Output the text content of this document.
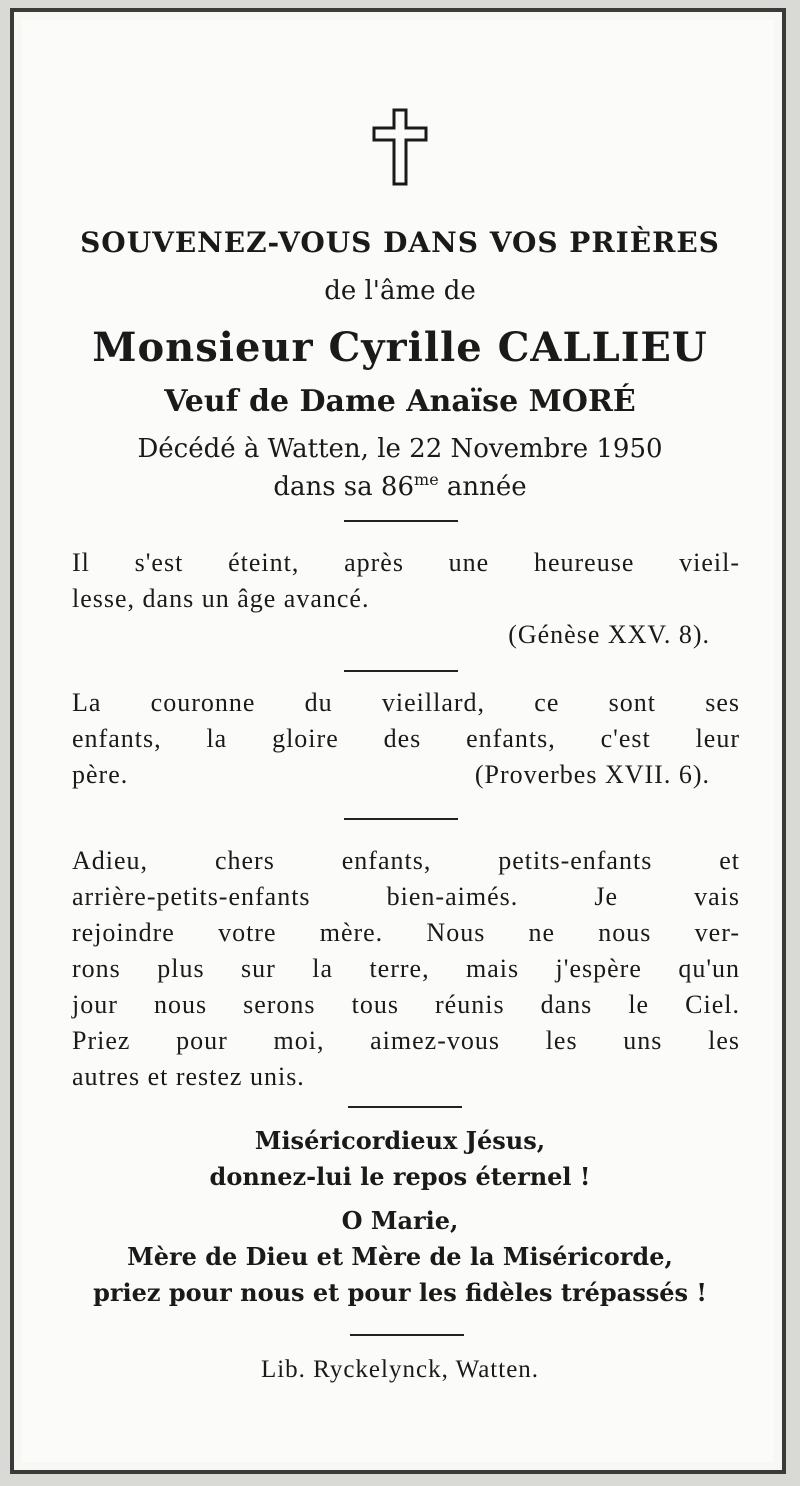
SOUVENEZ-VOUS DANS VOS PRIÈRES
de l'âme de
Monsieur Cyrille CALLIEU
Veuf de Dame Anaïse MORÉ
Décédé à Watten, le 22 Novembre 1950
dans sa $86^{me}$ année
Il s'est éteint, après une heureuse vieil-
lesse, dans un âge avancé.
(Génèse XXV. 8).
La couronne du vieillard, ce sont ses
enfants, la gloire des enfants, c'est leur
père.	(Proverbes XVII. 6).
Adieu, chers enfants, petits-enfants et
arrière-petits-enfants bien-aimés. Je vais
rejoindre votre mère. Nous ne nous ver-
rons plus sur la terre, mais j'espère qu'un
jour nous serons tous réunis dans le Ciel.
Priez pour moi, aimez-vous les uns les
autres et restez unis.
Miséricordieux Jésus,
donnez-lui le repos éternel !
O Marie,
Mère de Dieu et Mère de la Miséricorde,
priez pour nous et pour les fidèles trépassés !
Lib. Ryckelynck, Watten.
